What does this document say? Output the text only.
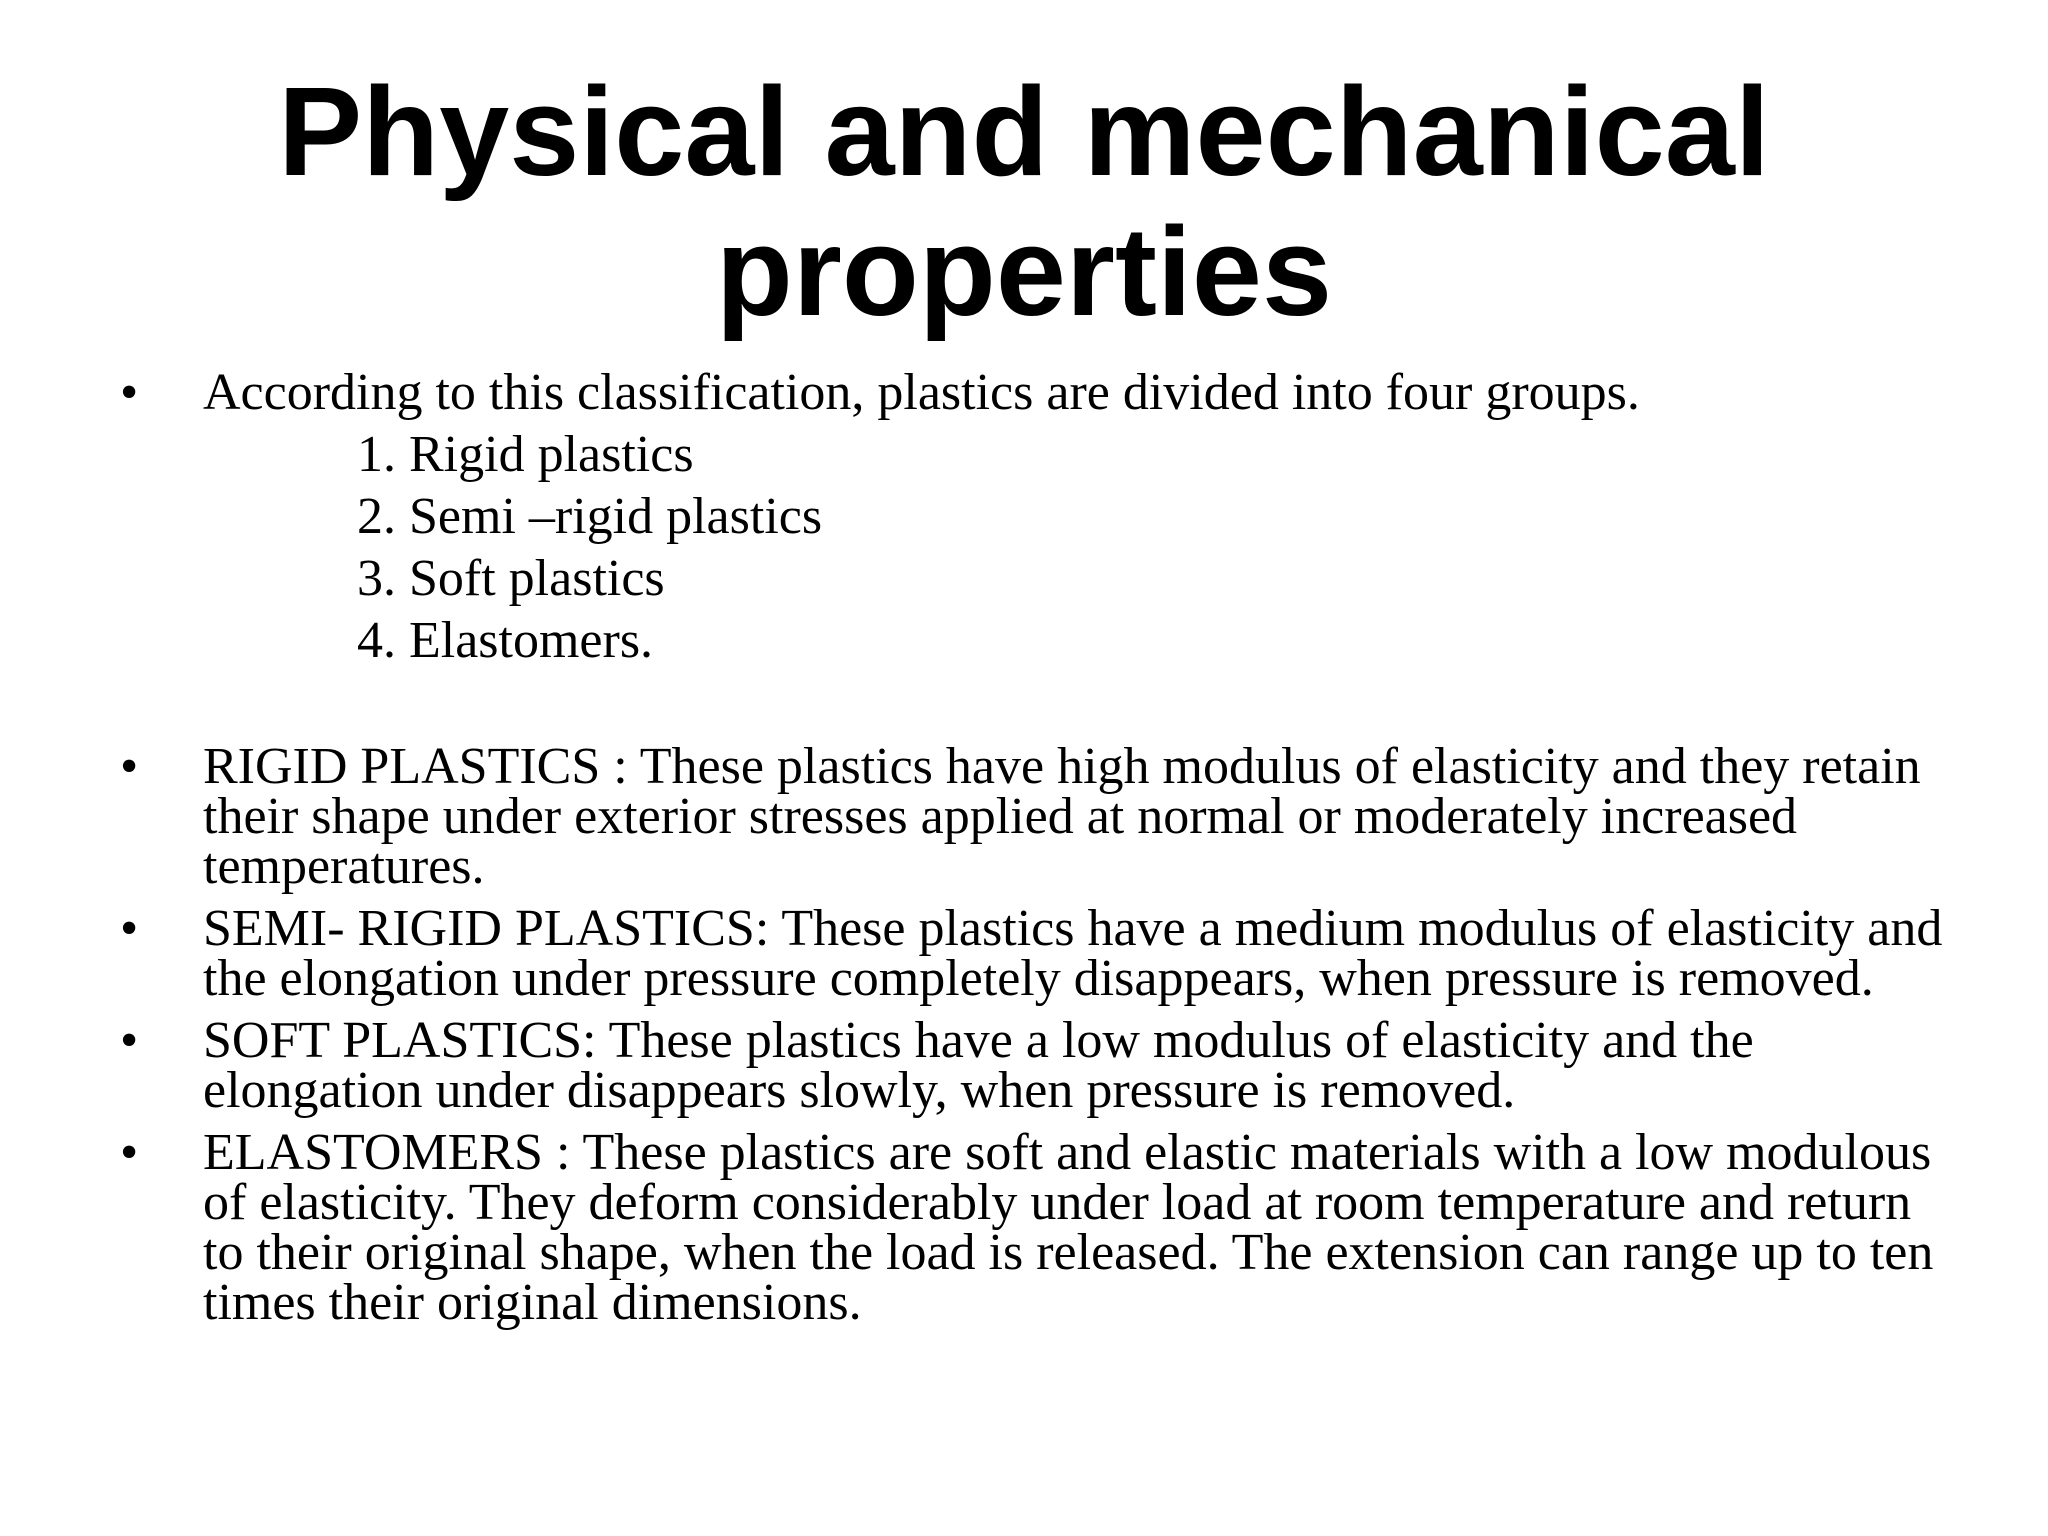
Physical and mechanical
properties
•	According to this classification, plastics are divided into four groups.
1. Rigid plastics
2. Semi –rigid plastics
3. Soft plastics
4. Elastomers.
•	RIGID PLASTICS : These plastics have high modulus of elasticity and they retain
their shape under exterior stresses applied at normal or moderately increased
temperatures.
•	SEMI- RIGID PLASTICS: These plastics have a medium modulus of elasticity and
the elongation under pressure completely disappears, when pressure is removed.
•	SOFT PLASTICS: These plastics have a low modulus of elasticity and the
elongation under disappears slowly, when pressure is removed.
•	ELASTOMERS : These plastics are soft and elastic materials with a low modulous
of elasticity. They deform considerably under load at room temperature and return
to their original shape, when the load is released. The extension can range up to ten
times their original dimensions.
